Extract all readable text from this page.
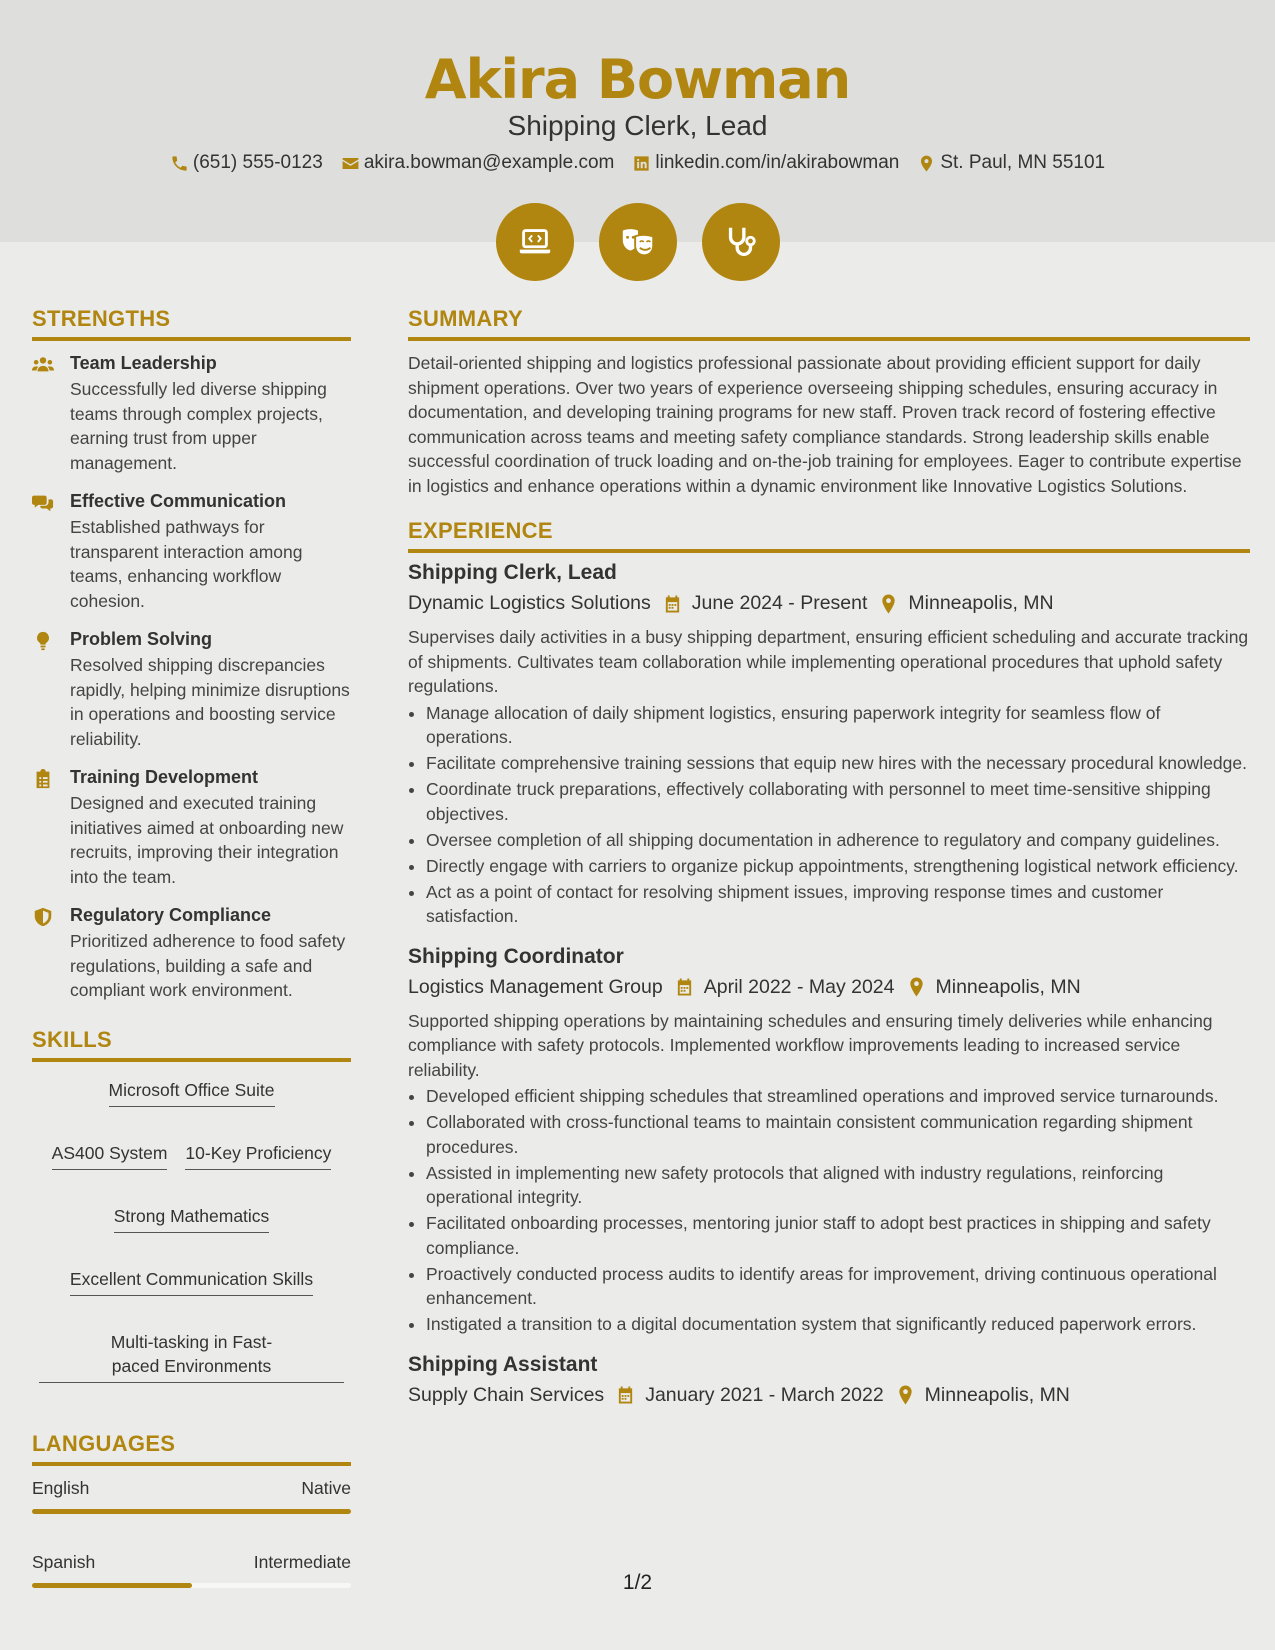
Akira Bowman
Shipping Clerk, Lead
(651) 555-0123 akira.bowman@example.com linkedin.com/in/akirabowman St. Paul, MN 55101
STRENGTHS
Team Leadership
Successfully led diverse shipping teams through complex projects, earning trust from upper management.
Effective Communication
Established pathways for transparent interaction among teams, enhancing workflow cohesion.
Problem Solving
Resolved shipping discrepancies rapidly, helping minimize disruptions in operations and boosting service reliability.
Training Development
Designed and executed training initiatives aimed at onboarding new recruits, improving their integration into the team.
Regulatory Compliance
Prioritized adherence to food safety regulations, building a safe and compliant work environment.
SKILLS
Microsoft Office Suite
AS400 System 10-Key Proficiency
Strong Mathematics
Excellent Communication Skills
Multi-tasking in Fast-paced Environments
LANGUAGES
English	Native
Spanish	Intermediate
SUMMARY
Detail-oriented shipping and logistics professional passionate about providing efficient support for daily shipment operations. Over two years of experience overseeing shipping schedules, ensuring accuracy in documentation, and developing training programs for new staff. Proven track record of fostering effective communication across teams and meeting safety compliance standards. Strong leadership skills enable successful coordination of truck loading and on-the-job training for employees. Eager to contribute expertise in logistics and enhance operations within a dynamic environment like Innovative Logistics Solutions.
EXPERIENCE
Shipping Clerk, Lead
Dynamic Logistics Solutions June 2024 - Present Minneapolis, MN
Supervises daily activities in a busy shipping department, ensuring efficient scheduling and accurate tracking of shipments. Cultivates team collaboration while implementing operational procedures that uphold safety regulations.
• Manage allocation of daily shipment logistics, ensuring paperwork integrity for seamless flow of operations.
• Facilitate comprehensive training sessions that equip new hires with the necessary procedural knowledge.
• Coordinate truck preparations, effectively collaborating with personnel to meet time-sensitive shipping objectives.
• Oversee completion of all shipping documentation in adherence to regulatory and company guidelines.
• Directly engage with carriers to organize pickup appointments, strengthening logistical network efficiency.
• Act as a point of contact for resolving shipment issues, improving response times and customer satisfaction.
Shipping Coordinator
Logistics Management Group April 2022 - May 2024 Minneapolis, MN
Supported shipping operations by maintaining schedules and ensuring timely deliveries while enhancing compliance with safety protocols. Implemented workflow improvements leading to increased service reliability.
• Developed efficient shipping schedules that streamlined operations and improved service turnarounds.
• Collaborated with cross-functional teams to maintain consistent communication regarding shipment procedures.
• Assisted in implementing new safety protocols that aligned with industry regulations, reinforcing operational integrity.
• Facilitated onboarding processes, mentoring junior staff to adopt best practices in shipping and safety compliance.
• Proactively conducted process audits to identify areas for improvement, driving continuous operational enhancement.
• Instigated a transition to a digital documentation system that significantly reduced paperwork errors.
Shipping Assistant
Supply Chain Services January 2021 - March 2022 Minneapolis, MN
1/2
